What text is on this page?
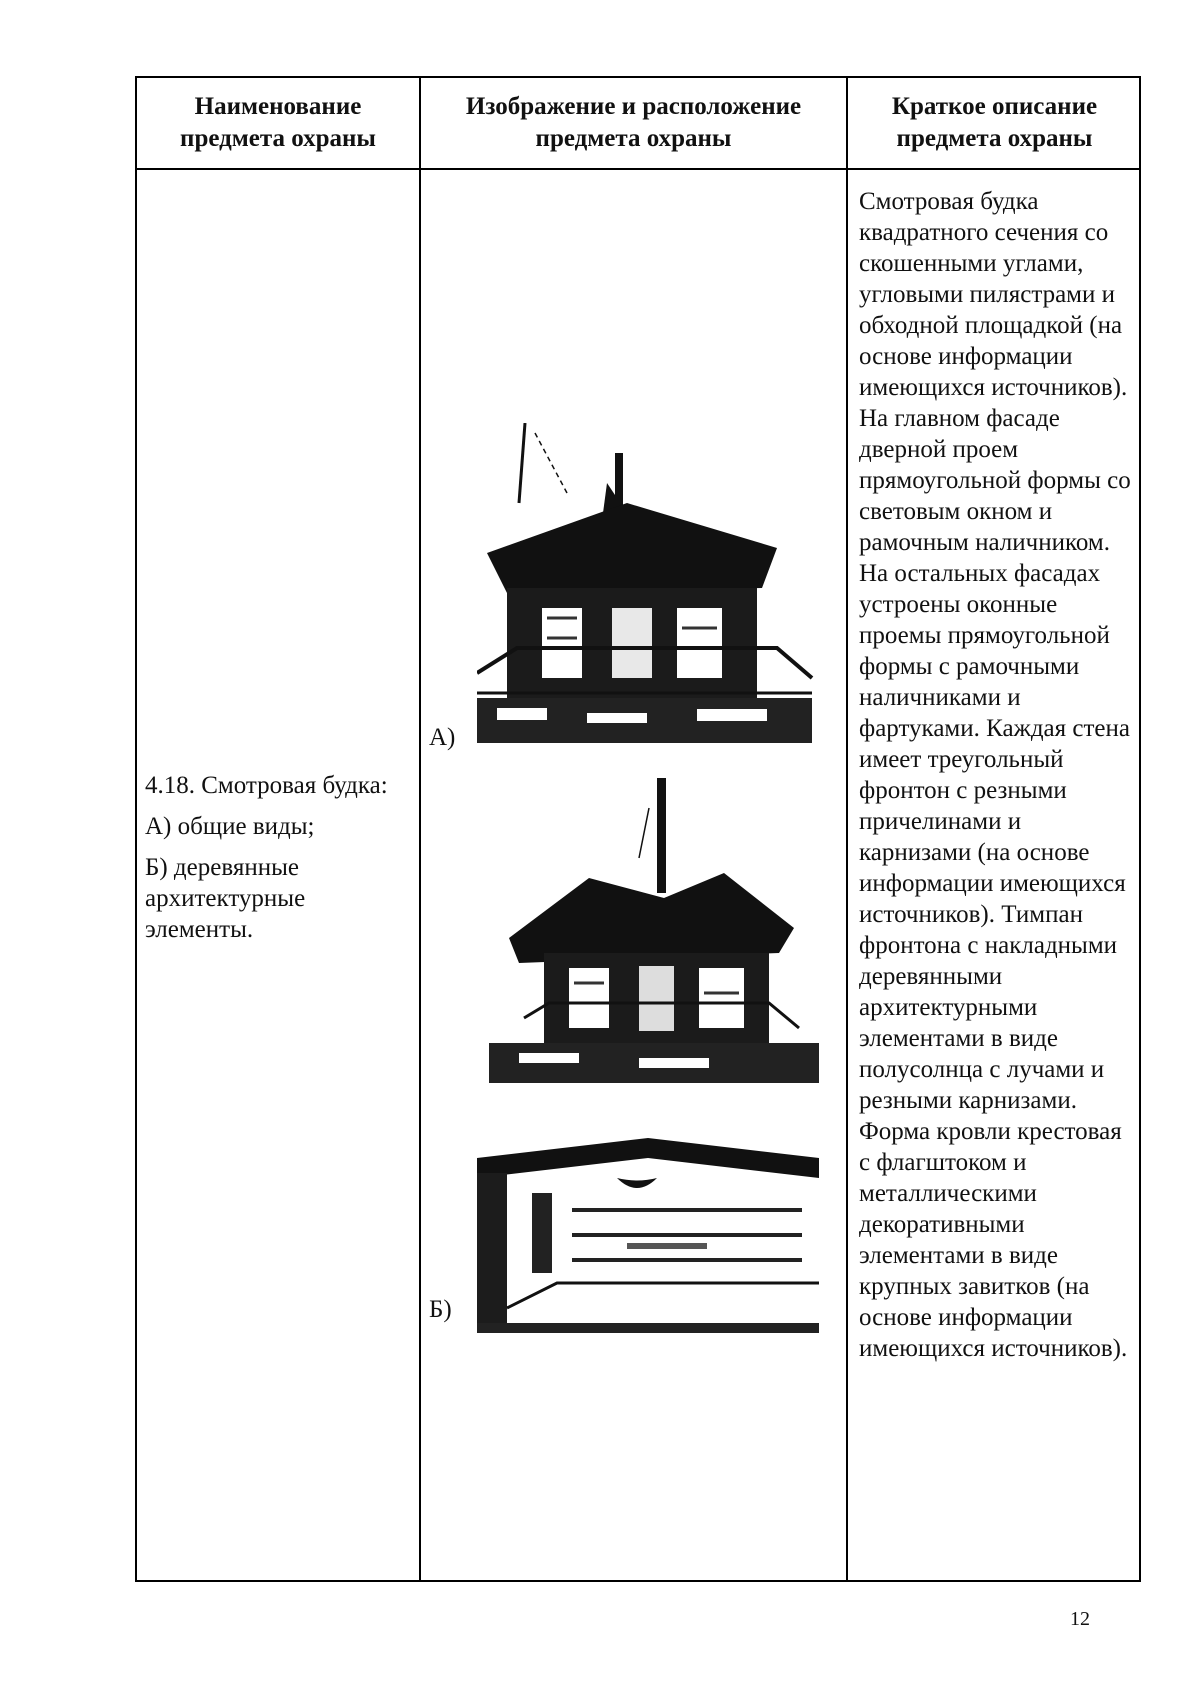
Наименование
предмета охраны
Изображение и расположение
предмета охраны
Краткое описание
предмета охраны

4.18. Смотровая будка:

А) общие виды;

Б) деревянные архитектурные элементы.

А)
Б)
Смотровая будка квадратного сечения со скошенными углами, угловыми пилястрами и обходной площадкой (на основе информации имеющихся источников). На главном фасаде дверной проем прямоугольной формы со световым окном и рамочным наличником. На остальных фасадах устроены оконные проемы прямоугольной формы с рамочными наличниками и фартуками. Каждая стена имеет треугольный фронтон с резными причелинами и карнизами (на основе информации имеющихся источников). Тимпан фронтона с накладными деревянными архитектурными элементами в виде полусолнца с лучами и резными карнизами. Форма кровли крестовая с флагштоком и металлическими декоративными элементами в виде крупных завитков (на основе информации имеющихся источников).
12
